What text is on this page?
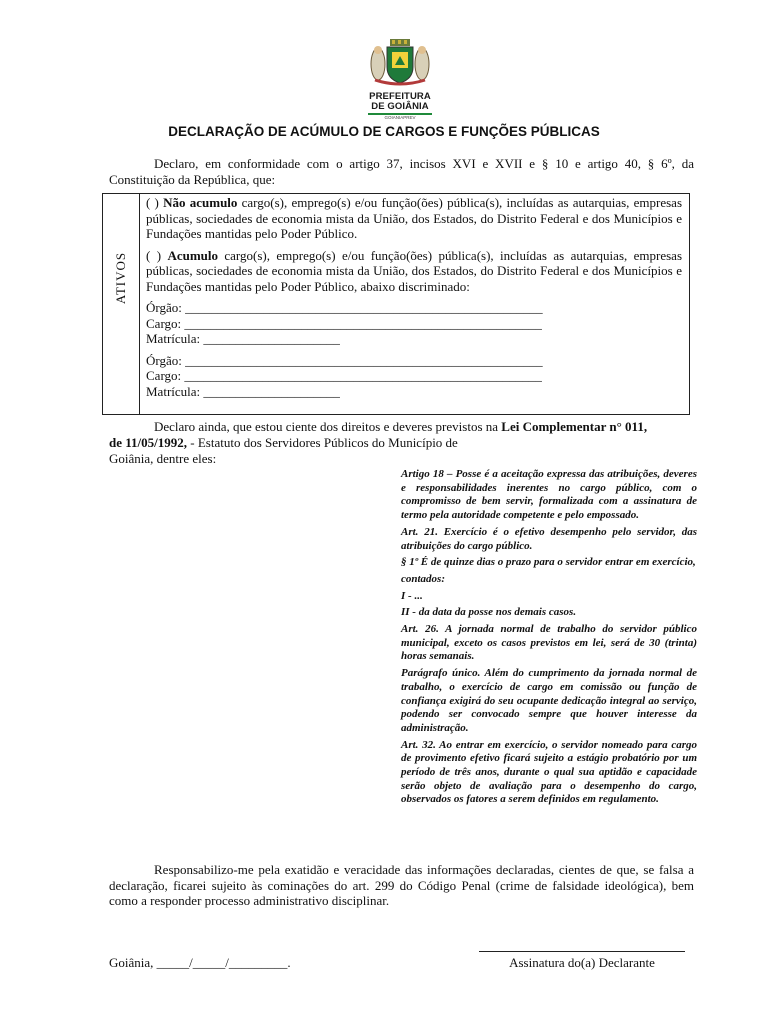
PREFEITURA
DE GOIÂNIA
GOIANIAPREV
DECLARAÇÃO DE ACÚMULO DE CARGOS E FUNÇÕES PÚBLICAS
Declaro, em conformidade com o artigo 37, incisos XVI e XVII e § 10 e artigo 40, § 6º, da Constituição da República, que:
ATIVOS

( ) Não acumulo cargo(s), emprego(s) e/ou função(ões) pública(s), incluídas as autarquias, empresas públicas, sociedades de economia mista da União, dos Estados, do Distrito Federal e dos Municípios e Fundações mantidas pelo Poder Público.

( ) Acumulo cargo(s), emprego(s) e/ou função(ões) pública(s), incluídas as autarquias, empresas públicas, sociedades de economia mista da União, dos Estados, do Distrito Federal e dos Municípios e Fundações mantidas pelo Poder Público, abaixo discriminado:

Órgão: _______________________________________________________

Cargo: _______________________________________________________

Matrícula: _____________________

Órgão: _______________________________________________________

Cargo: _______________________________________________________

Matrícula: _____________________

Declaro ainda, que estou ciente dos direitos e deveres previstos na Lei Complementar n° 011,
de 11/05/1992, - Estatuto dos Servidores Públicos do Município de
Goiânia, dentre eles:

Artigo 18 – Posse é a aceitação expressa das atribuições, deveres e responsabilidades inerentes no cargo público, com o compromisso de bem servir, formalizada com a assinatura de termo pela autoridade competente e pelo empossado.

Art. 21. Exercício é o efetivo desempenho pelo servidor, das atribuições do cargo público.

§ 1º É de quinze dias o prazo para o servidor entrar em exercício,

contados:

I - ...

II - da data da posse nos demais casos.

Art. 26. A jornada normal de trabalho do servidor público municipal, exceto os casos previstos em lei, será de 30 (trinta) horas semanais.

Parágrafo único. Além do cumprimento da jornada normal de trabalho, o exercício de cargo em comissão ou função de confiança exigirá do seu ocupante dedicação integral ao serviço, podendo ser convocado sempre que houver interesse da administração.

Art. 32. Ao entrar em exercício, o servidor nomeado para cargo de provimento efetivo ficará sujeito a estágio probatório por um período de três anos, durante o qual sua aptidão e capacidade serão objeto de avaliação para o desempenho do cargo, observados os fatores a serem definidos em regulamento.

Responsabilizo-me pela exatidão e veracidade das informações declaradas, cientes de que, se falsa a declaração, ficarei sujeito às cominações do art. 299 do Código Penal (crime de falsidade ideológica), bem como a responder processo administrativo disciplinar.
Assinatura do(a) Declarante
Goiânia, _____/_____/_________.
